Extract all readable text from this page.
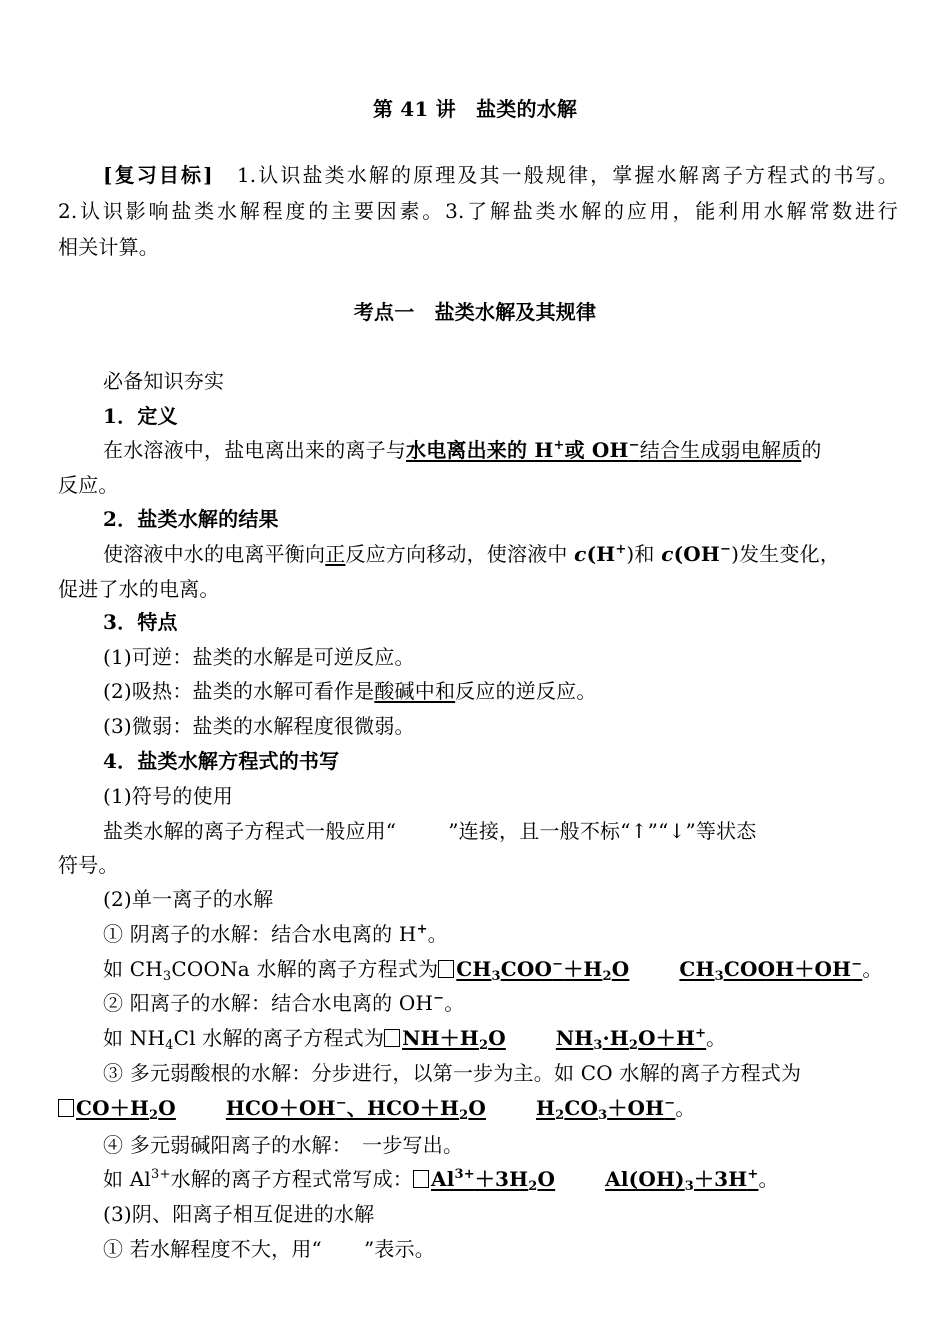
第 41 讲　盐类的水解
[复习目标]　 1.认识盐类水解的原理及其一般规律，掌握水解离子方程式的书写。
2.认识影响盐类水解程度的主要因素。3.了解盐类水解的应用，能利用水解常数进行
相关计算。
考点一　盐类水解及其规律
必备知识夯实
1．定义
在水溶液中，盐电离出来的离子与水电离出来的 H+或 OH−结合生成弱电解质的
反应。
2．盐类水解的结果
使溶液中水的电离平衡向正反应方向移动，使溶液中 c(H+)和 c(OH−)发生变化，
促进了水的电离。
3．特点
(1)可逆：盐类的水解是可逆反应。
(2)吸热：盐类的水解可看作是酸碱中和反应的逆反应。
(3)微弱：盐类的水解程度很微弱。
4．盐类水解方程式的书写
(1)符号的使用
盐类水解的离子方程式一般应用“	”连接，且一般不标“↑”“↓”等状态
符号。
(2)单一离子的水解
① 阴离子的水解：结合水电离的 H+。
如 $CH_3COONa$ 水解的离子方程式为 $CH_3COO^-+H_2O$	$CH_3COOH+OH^-$。
② 阳离子的水解：结合水电离的 OH−。
如 $NH_4Cl$ 水解的离子方程式为 $NH+H_2O$	$NH_3\cdot H_2O+H^+$。
③ 多元弱酸根的水解：分步进行，以第一步为主。如 CO 水解的离子方程式为
$CO+H_2O$	HCO＋OH−、$HCO+H_2O$	$H_2CO_3+OH^-$。
④ 多元弱碱阳离子的水解：　一步写出。
如 $Al^{3+}$水解的离子方程式常写成： $Al^{3+}+3H_2O$	$Al(OH)_3+3H^+$。
(3)阴、阳离子相互促进的水解
① 若水解程度不大，用“ ”表示。
